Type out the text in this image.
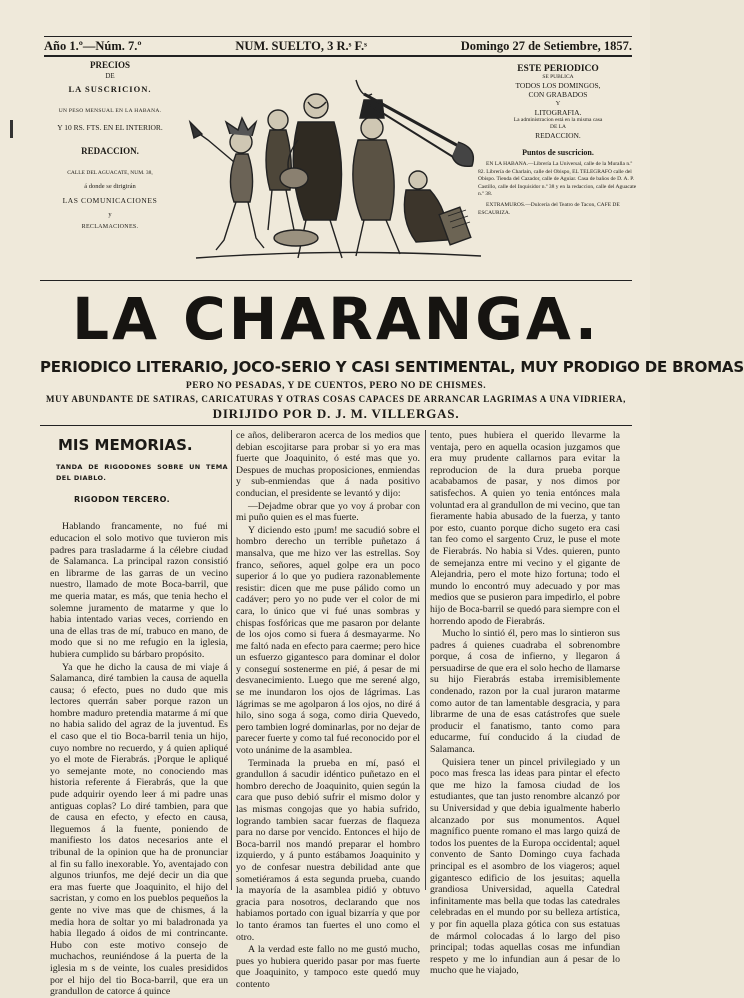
Año 1.º—Núm. 7.º	NUM. SUELTO, 3 R.ˢ F.ˢ	Domingo 27 de Setiembre, 1857.
PRECIOS
DE
LA SUSCRICION.
UN PESO MENSUAL EN LA HABANA.
Y 10 RS. FTS. EN EL INTERIOR.
REDACCION.
CALLE DEL AGUACATE, NUM. 38,
á donde se dirigirán
LAS COMUNICACIONES
y
RECLAMACIONES.
ESTE PERIODICO
SE PUBLICA
TODOS LOS DOMINGOS,
CON GRABADOS
Y
LITOGRAFIA.
La administracion está en la misma casa
DE LA
REDACCION.
Puntos de suscricion.
EN LA HABANA.—Librería La Universal, calle de la Muralla n.º 82. Librería de Charlain, calle del Obispo, EL TELEGRAFO calle del Obispo. Tienda del Cazador, calle de Aguiar. Casa de baños de D. A. P. Castillo, calle del Inquisidor n.º 38 y en la redaccion, calle del Aguacate n.º 38.
EXTRAMUROS.—Dulcería del Teatro de Tacon, CAFE DE ESCAURIZA.
LA CHARANGA.
PERIODICO LITERARIO, JOCO-SERIO Y CASI SENTIMENTAL, MUY PRODIGO DE BROMAS
PERO NO PESADAS, Y DE CUENTOS, PERO NO DE CHISMES.
MUY ABUNDANTE DE SATIRAS, CARICATURAS Y OTRAS COSAS CAPACES DE ARRANCAR LAGRIMAS A UNA VIDRIERA,
DIRIJIDO POR D. J. M. VILLERGAS.
MIS MEMORIAS.
TANDA DE RIGODONES SOBRE UN TEMA DEL DIABLO.
RIGODON TERCERO.

Hablando francamente, no fué mi educacion el solo motivo que tuvieron mis padres para trasladarme á la célebre ciudad de Salamanca. La principal razon consistió en librarme de las garras de un vecino nuestro, llamado de mote Boca-barril, que me queria matar, es más, que tenia hecho el solemne juramento de matarme y que lo habia intentado varias veces, corriendo en una de ellas tras de mí, trabuco en mano, de modo que si no me refugio en la iglesia, hubiera cumplido su bárbaro propósito.

Ya que he dicho la causa de mi viaje á Salamanca, diré tambien la causa de aquella causa; ó efecto, pues no dudo que mis lectores querrán saber porque razon un hombre maduro pretendia matarme á mí que no habia salido del agraz de la juventud. Es el caso que el tio Boca-barril tenia un hijo, cuyo nombre no recuerdo, y á quien apliqué yo el mote de Fierabrás. ¡Porque le apliqué yo semejante mote, no conociendo mas historia referente á Fierabrás, que la que pude adquirir oyendo leer á mi padre unas antiguas coplas? Lo diré tambien, para que de causa en efecto, y efecto en causa, lleguemos á la fuente, poniendo de manifiesto los datos necesarios ante el tribunal de la opinion que ha de pronunciar al fin su fallo inexorable. Yo, aventajado con algunos triunfos, me dejé decir un dia que era mas fuerte que Joaquinito, el hijo del sacristan, y como en los pueblos pequeños la gente no vive mas que de chismes, á la media hora de soltar yo mi baladronada ya habia llegado á oidos de mi contrincante. Hubo con este motivo consejo de muchachos, reuniéndose á la puerta de la iglesia m s de veinte, los cuales presididos por el hijo del tio Boca-barril, que era un grandullon de catorce á quince

ce años, deliberaron acerca de los medios que debian escojitarse para probar si yo era mas fuerte que Joaquinito, ó esté mas que yo. Despues de muchas proposiciones, enmiendas y sub-enmiendas que á nada positivo conducian, el presidente se levantó y dijo:

—Dejadme obrar que yo voy á probar con mi puño quien es el mas fuerte.

Y diciendo esto ¡pum! me sacudió sobre el hombro derecho un terrible puñetazo á mansalva, que me hizo ver las estrellas. Soy franco, señores, aquel golpe era un poco superior á lo que yo pudiera razonablemente resistir: dicen que me puse pálido como un cadáver; pero yo no pude ver el color de mi cara, lo único que vi fué unas sombras y chispas fosfóricas que me pasaron por delante de los ojos como si fuera á desmayarme. No me faltó nada en efecto para caerme; pero hice un esfuerzo gigantesco para dominar el dolor y conseguí sostenerme en pié, á pesar de mi desvanecimiento. Luego que me serené algo, se me inundaron los ojos de lágrimas. Las lágrimas se me agolparon á los ojos, no diré á hilo, sino soga á soga, como diria Quevedo, pero tambien logré dominarlas, por no dejar de parecer fuerte y como tal fué reconocido por el voto unánime de la asamblea.

Terminada la prueba en mí, pasó el grandullon á sacudir idéntico puñetazo en el hombro derecho de Joaquinito, quien según la cara que puso debió sufrir el mismo dolor y las mismas congojas que yo habia sufrido, logrando tambien sacar fuerzas de flaqueza para no darse por vencido. Entonces el hijo de Boca-barril nos mandó preparar el hombro izquierdo, y á punto estábamos Joaquinito y yo de confesar nuestra debilidad ante que sometiéramos á esta segunda prueba, cuando la mayoría de la asamblea pidió y obtuvo gracia para nosotros, declarando que nos habiamos portado con igual bizarría y que por lo tanto éramos tan fuertes el uno como el otro.

A la verdad este fallo no me gustó mucho, pues yo hubiera querido pasar por mas fuerte que Joaquinito, y tampoco este quedó muy contento

tento, pues hubiera el querido llevarme la ventaja, pero en aquella ocasion juzgamos que era muy prudente callarnos para evitar la reproducion de la dura prueba porque acababamos de pasar, y nos dimos por satisfechos. A quien yo tenia entónces mala voluntad era al grandullon de mi vecino, que tan fieramente habia abusado de la fuerza, y tanto por esto, cuanto porque dicho sugeto era casi tan feo como el sargento Cruz, le puse el mote de Fierabrás. No habia si Vdes. quieren, punto de semejanza entre mi vecino y el gigante de Alejandria, pero el mote hizo fortuna; todo el mundo lo encontró muy adecuado y por mas medios que se pusieron para impedirlo, el pobre hijo de Boca-barril se quedó para siempre con el horrendo apodo de Fierabrás.

Mucho lo sintió él, pero mas lo sintieron sus padres á quienes cuadraba el sobrenombre porque, á cosa de infierno, y llegaron á persuadirse de que era el solo hecho de llamarse su hijo Fierabrás estaba irremisiblemente condenado, razon por la cual juraron matarme como autor de tan lamentable desgracia, y para librarme de una de esas catástrofes que suele producir el fanatismo, tanto como para educarme, fuí conducido á la ciudad de Salamanca.

Quisiera tener un pincel privilegiado y un poco mas fresca las ideas para pintar el efecto que me hizo la famosa ciudad de los estudiantes, que tan justo renombre alcanzó por su Universidad y que debia igualmente haberlo alcanzado por sus monumentos. Aquel magnífico puente romano el mas largo quizá de todos los puentes de la Europa occidental; aquel convento de Santo Domingo cuya fachada principal es el asombro de los viageros; aquel gigantesco edificio de los jesuitas; aquella grandiosa Universidad, aquella Catedral infinitamente mas bella que todas las catedrales celebradas en el mundo por su belleza artística, y por fin aquella plaza gótica con sus estatuas de mármol colocadas á lo largo del piso principal; todas aquellas cosas me infundian respeto y me lo infundian aun á pesar de lo mucho que he viajado,
